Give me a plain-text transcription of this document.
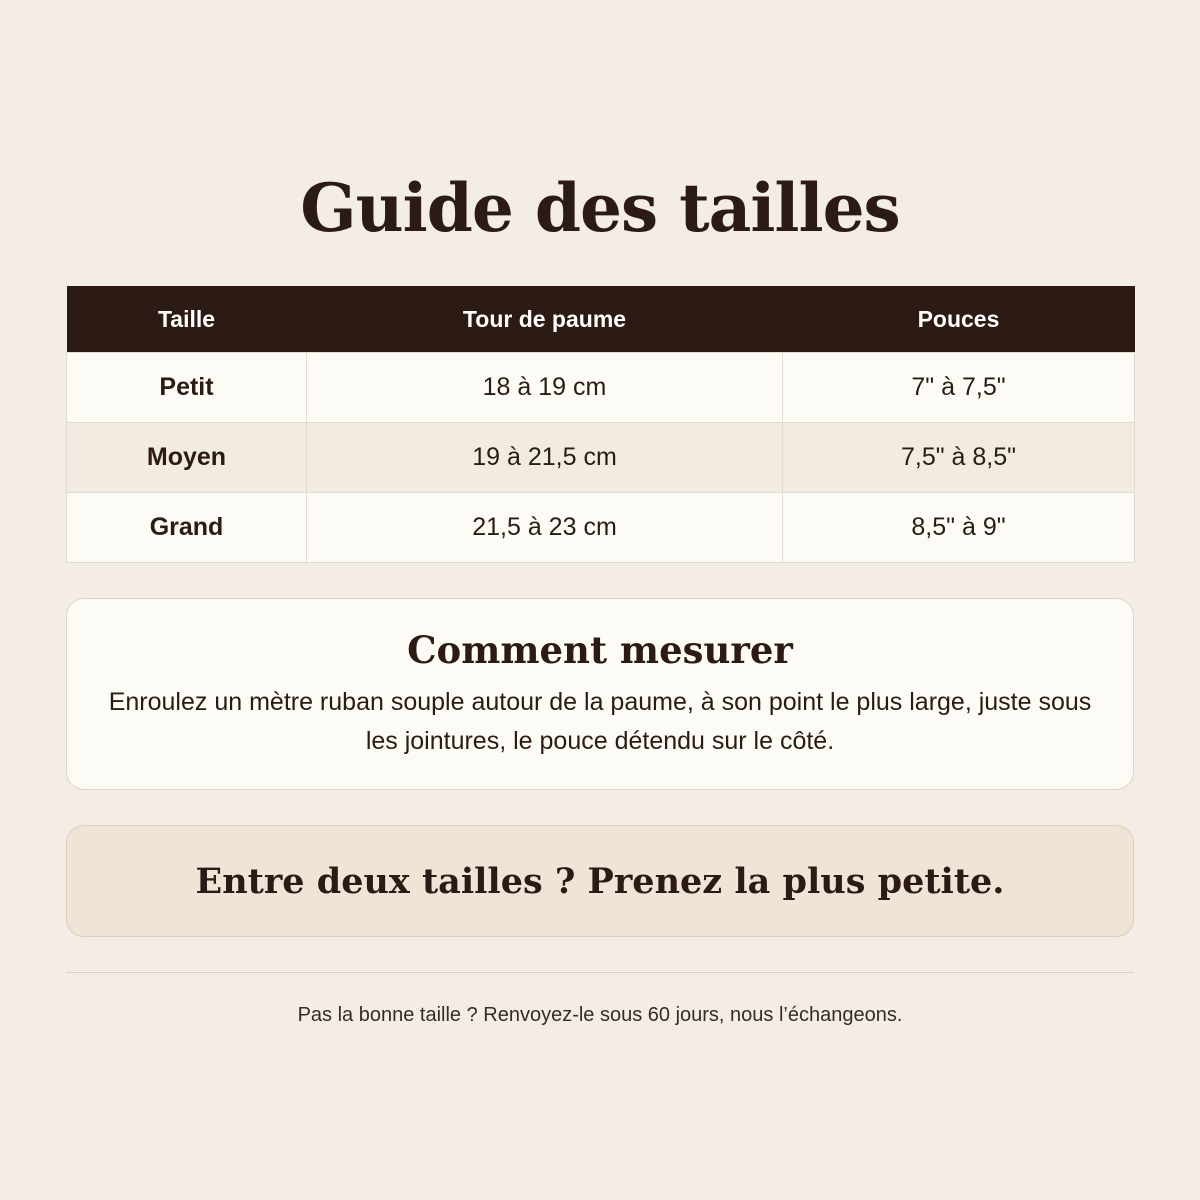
Guide des tailles
Taille	Tour de paume	Pouces
Petit	18 à 19 cm	7" à 7,5"
Moyen	19 à 21,5 cm	7,5" à 8,5"
Grand	21,5 à 23 cm	8,5" à 9"
Comment mesurer

Enroulez un mètre ruban souple autour de la paume, à son point le plus large, juste sous les jointures, le pouce détendu sur le côté.

Entre deux tailles ? Prenez la plus petite.
Pas la bonne taille ? Renvoyez-le sous 60 jours, nous l’échangeons.
